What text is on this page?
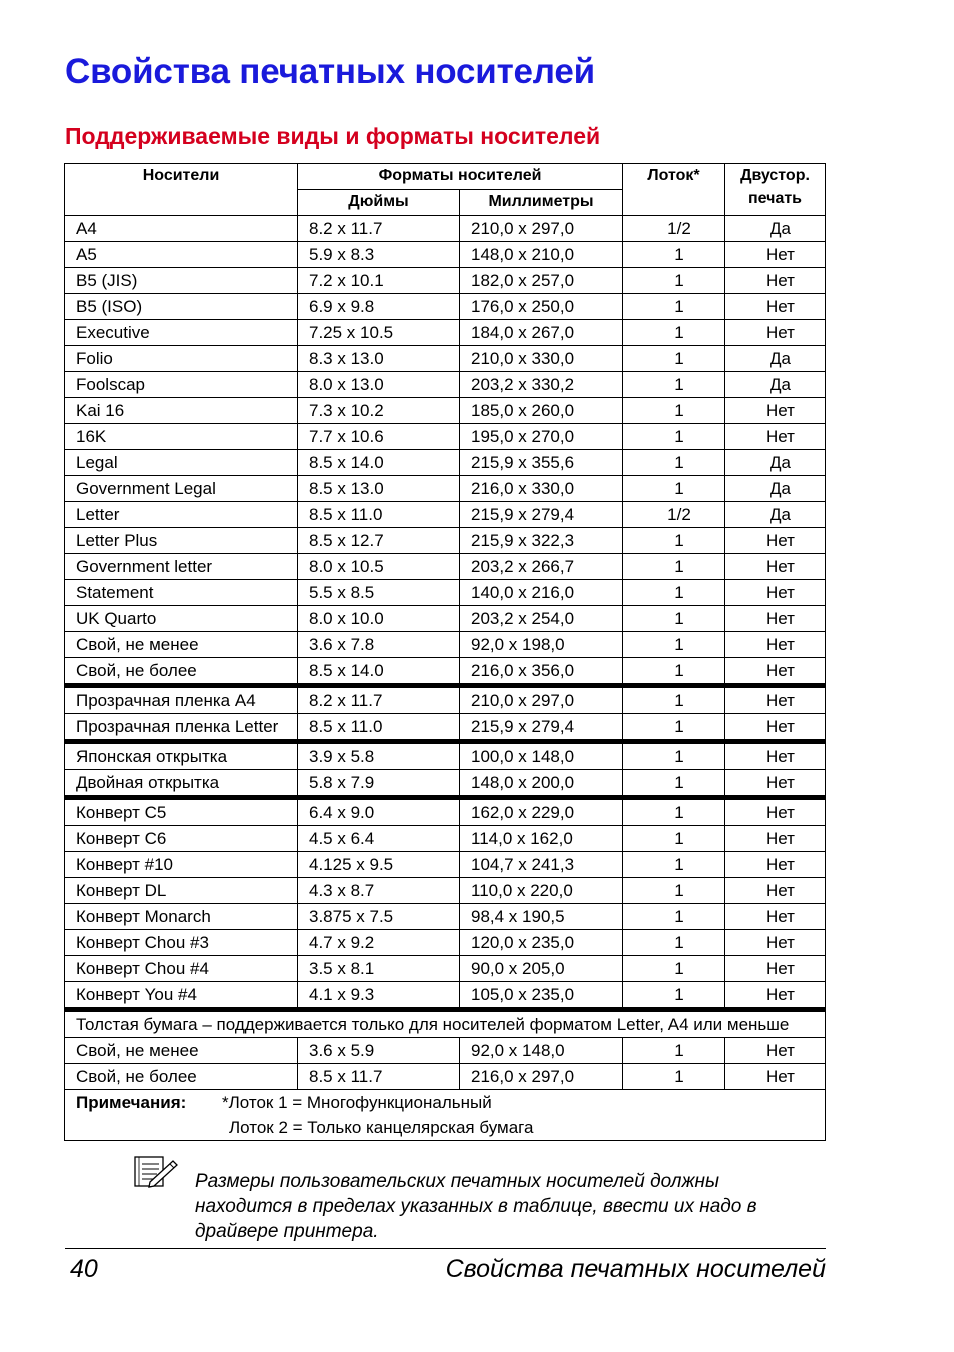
Свойства печатных носителей
Поддерживаемые виды и форматы носителей
Носители	Форматы носителей		Лоток*	Двустор.
печать
	Дюймы	Миллиметры		
A4	8.2 x 11.7	210,0 x 297,0	1/2	Да
A5	5.9 x 8.3	148,0 x 210,0	1	Нет
B5 (JIS)	7.2 x 10.1	182,0 x 257,0	1	Нет
B5 (ISO)	6.9 x 9.8	176,0 x 250,0	1	Нет
Executive	7.25 x 10.5	184,0 x 267,0	1	Нет
Folio	8.3 x 13.0	210,0 x 330,0	1	Да
Foolscap	8.0 x 13.0	203,2 x 330,2	1	Да
Kai 16	7.3 x 10.2	185,0 x 260,0	1	Нет
16K	7.7 x 10.6	195,0 x 270,0	1	Нет
Legal	8.5 x 14.0	215,9 x 355,6	1	Да
Government Legal	8.5 x 13.0	216,0 x 330,0	1	Да
Letter	8.5 x 11.0	215,9 x 279,4	1/2	Да
Letter Plus	8.5 x 12.7	215,9 x 322,3	1	Нет
Government letter	8.0 x 10.5	203,2 x 266,7	1	Нет
Statement	5.5 x 8.5	140,0 x 216,0	1	Нет
UK Quarto	8.0 x 10.0	203,2 x 254,0	1	Нет
Свой, не менее	3.6 x 7.8	92,0 x 198,0	1	Нет
Свой, не более	8.5 x 14.0	216,0 x 356,0	1	Нет
Прозрачная пленка A4	8.2 x 11.7	210,0 x 297,0	1	Нет
Прозрачная пленка Letter	8.5 x 11.0	215,9 x 279,4	1	Нет
Японская открытка	3.9 x 5.8	100,0 x 148,0	1	Нет
Двойная открытка	5.8 x 7.9	148,0 x 200,0	1	Нет
Конверт C5	6.4 x 9.0	162,0 x 229,0	1	Нет
Конверт C6	4.5 x 6.4	114,0 x 162,0	1	Нет
Конверт #10	4.125 x 9.5	104,7 x 241,3	1	Нет
Конверт DL	4.3 x 8.7	110,0 x 220,0	1	Нет
Конверт Monarch	3.875 x 7.5	98,4 x 190,5	1	Нет
Конверт Chou #3	4.7 x 9.2	120,0 x 235,0	1	Нет
Конверт Chou #4	3.5 x 8.1	90,0 x 205,0	1	Нет
Конверт You #4	4.1 x 9.3	105,0 x 235,0	1	Нет
Толстая бумага – поддерживается только для носителей форматом Letter, A4 или меньше				
Свой, не менее	3.6 x 5.9	92,0 x 148,0	1	Нет
Свой, не более	8.5 x 11.7	216,0 x 297,0	1	Нет
Примечания: *Лоток 1 = Многофункциональный
Лоток 2 = Только канцелярская бумага				

Размеры пользовательских печатных носителей должны находится в пределах указанных в таблице, ввести их надо в драйвере принтера.

40	Свойства печатных носителей
